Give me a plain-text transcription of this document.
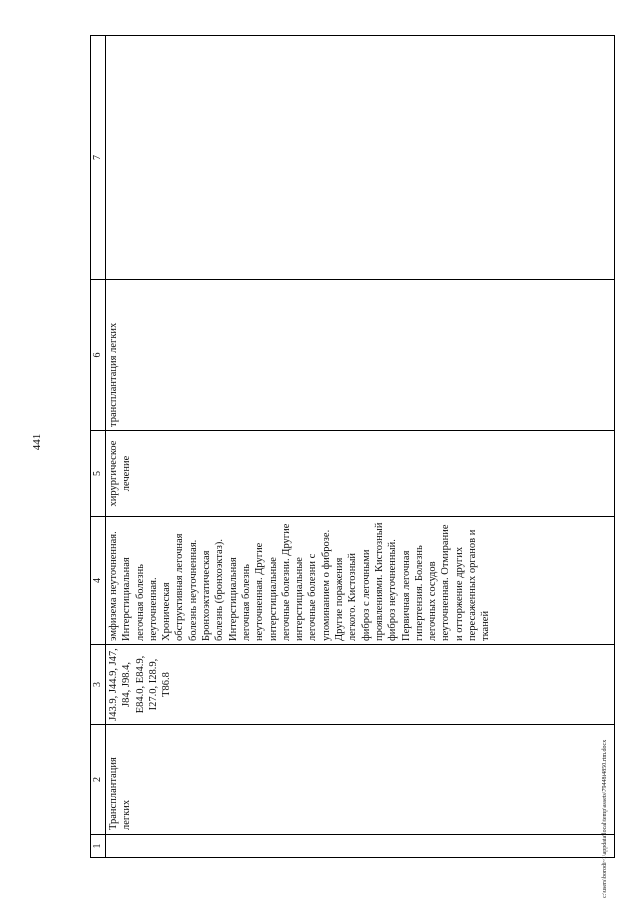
441
1	2	3	4	5	6	7
	Трансплантация легких	J43.9, J44.9, J47, J84, J98.4, E84.0, E84.9, I27.0, I28.9, T86.8	эмфизема неуточненная. Интерстициальная легочная болезнь неуточненная. Хроническая обструктивная легочная болезнь неуточненная. Бронхоэктатическая болезнь (бронхоэктаз). Интерстициальная легочная болезнь неуточненная. Другие интерстициальные легочные болезни. Другие интерстициальные легочные болезни с упоминанием о фиброзе. Другие поражения легкого. Кистозный фиброз с легочными проявлениями. Кистозный фиброз неуточненный. Первичная легочная гипертензия. Болезнь легочных сосудов неуточненная. Отмирание и отторжение других пересаженных органов и тканей	хирургическое лечение	трансплантация легких	
c:\users\borodi~1\appdata\local\temp\assets\79448i4850.rtm.docx
